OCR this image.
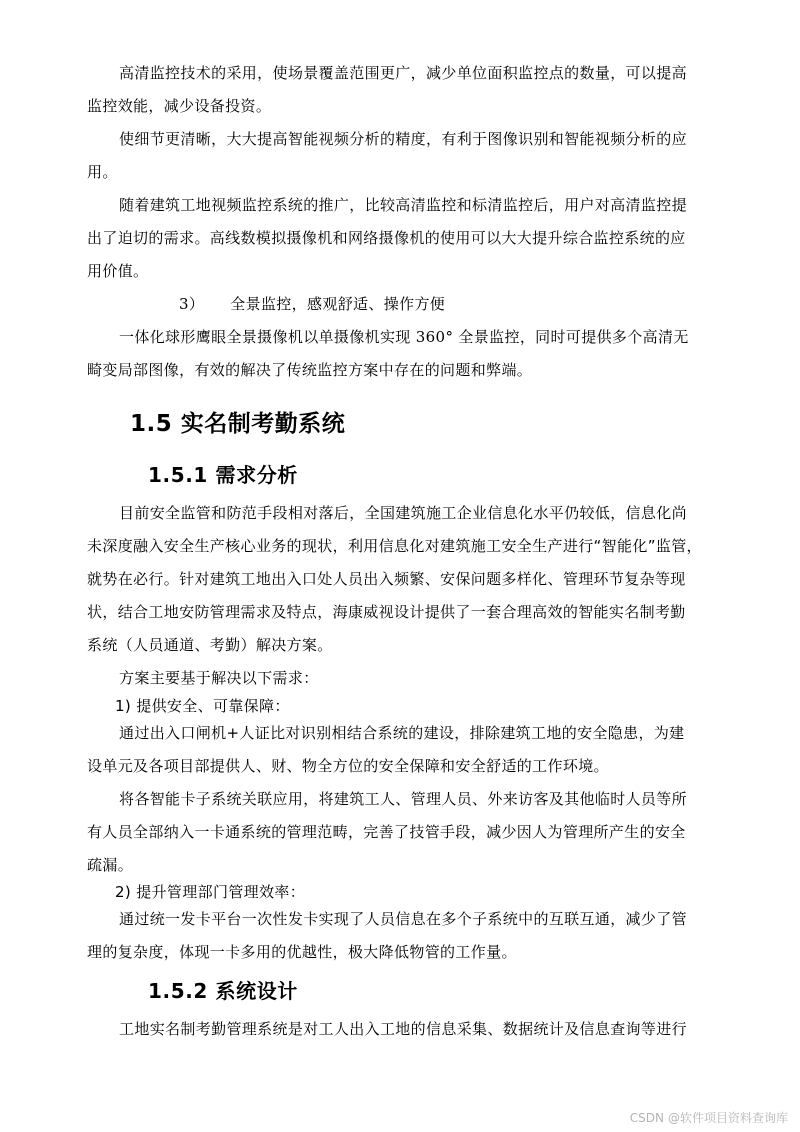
高清监控技术的采用，使场景覆盖范围更广，减少单位面积监控点的数量，可以提高
监控效能，减少设备投资。

使细节更清晰，大大提高智能视频分析的精度，有利于图像识别和智能视频分析的应
用。

随着建筑工地视频监控系统的推广，比较高清监控和标清监控后，用户对高清监控提
出了迫切的需求。高线数模拟摄像机和网络摄像机的使用可以大大提升综合监控系统的应
用价值。

3） 全景监控，感观舒适、操作方便

一体化球形鹰眼全景摄像机以单摄像机实现 360° 全景监控，同时可提供多个高清无
畸变局部图像，有效的解决了传统监控方案中存在的问题和弊端。

1.5 实名制考勤系统
1.5.1 需求分析

目前安全监管和防范手段相对落后，全国建筑施工企业信息化水平仍较低，信息化尚
未深度融入安全生产核心业务的现状，利用信息化对建筑施工安全生产进行“智能化”监管，
就势在必行。针对建筑工地出入口处人员出入频繁、安保问题多样化、管理环节复杂等现
状，结合工地安防管理需求及特点，海康威视设计提供了一套合理高效的智能实名制考勤
系统（人员通道、考勤）解决方案。

方案主要基于解决以下需求：

1) 提供安全、可靠保障：

通过出入口闸机+人证比对识别相结合系统的建设，排除建筑工地的安全隐患，为建
设单元及各项目部提供人、财、物全方位的安全保障和安全舒适的工作环境。

将各智能卡子系统关联应用，将建筑工人、管理人员、外来访客及其他临时人员等所
有人员全部纳入一卡通系统的管理范畴，完善了技管手段，减少因人为管理所产生的安全
疏漏。

2) 提升管理部门管理效率：

通过统一发卡平台一次性发卡实现了人员信息在多个子系统中的互联互通，减少了管
理的复杂度，体现一卡多用的优越性，极大降低物管的工作量。

1.5.2 系统设计

工地实名制考勤管理系统是对工人出入工地的信息采集、数据统计及信息查询等进行

CSDN @软件项目资料查询库
